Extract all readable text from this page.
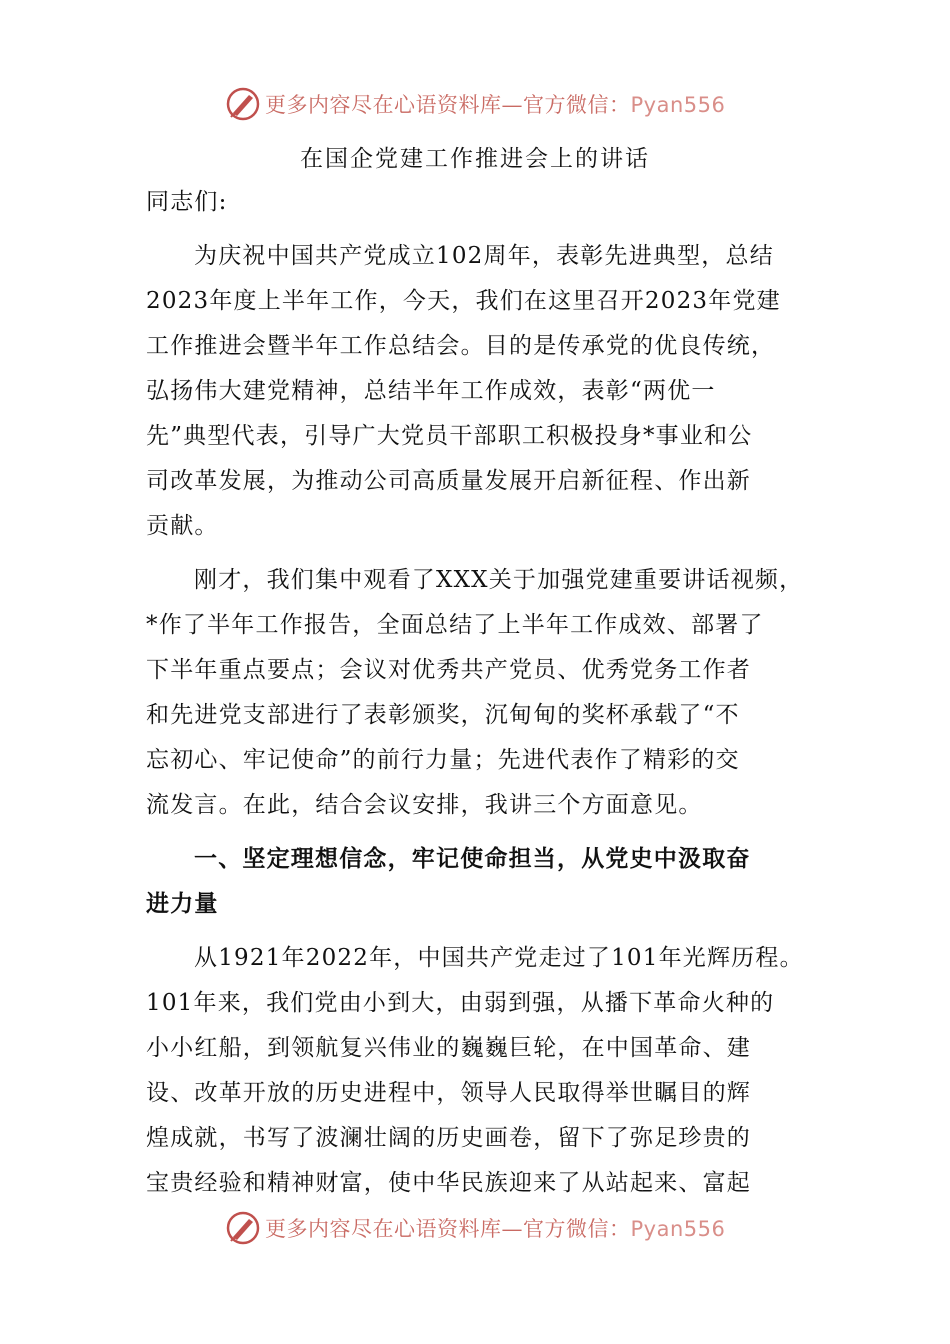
更多内容尽在心语资料库—官方微信：Pyan556
在国企党建工作推进会上的讲话
同志们:
为庆祝中国共产党成立102周年，表彰先进典型，总结
2023年度上半年工作，今天，我们在这里召开2023年党建
工作推进会暨半年工作总结会。目的是传承党的优良传统，
弘扬伟大建党精神，总结半年工作成效，表彰“两优一
先”典型代表，引导广大党员干部职工积极投身*事业和公
司改革发展，为推动公司高质量发展开启新征程、作出新
贡献。
刚才，我们集中观看了XXX关于加强党建重要讲话视频，
*作了半年工作报告，全面总结了上半年工作成效、部署了
下半年重点要点；会议对优秀共产党员、优秀党务工作者
和先进党支部进行了表彰颁奖，沉甸甸的奖杯承载了“不
忘初心、牢记使命”的前行力量；先进代表作了精彩的交
流发言。在此，结合会议安排，我讲三个方面意见。
一、坚定理想信念，牢记使命担当，从党史中汲取奋
进力量
从1921年2022年，中国共产党走过了101年光辉历程。
101年来，我们党由小到大，由弱到强，从播下革命火种的
小小红船，到领航复兴伟业的巍巍巨轮，在中国革命、建
设、改革开放的历史进程中，领导人民取得举世瞩目的辉
煌成就，书写了波澜壮阔的历史画卷，留下了弥足珍贵的
宝贵经验和精神财富，使中华民族迎来了从站起来、富起
更多内容尽在心语资料库—官方微信：Pyan556
